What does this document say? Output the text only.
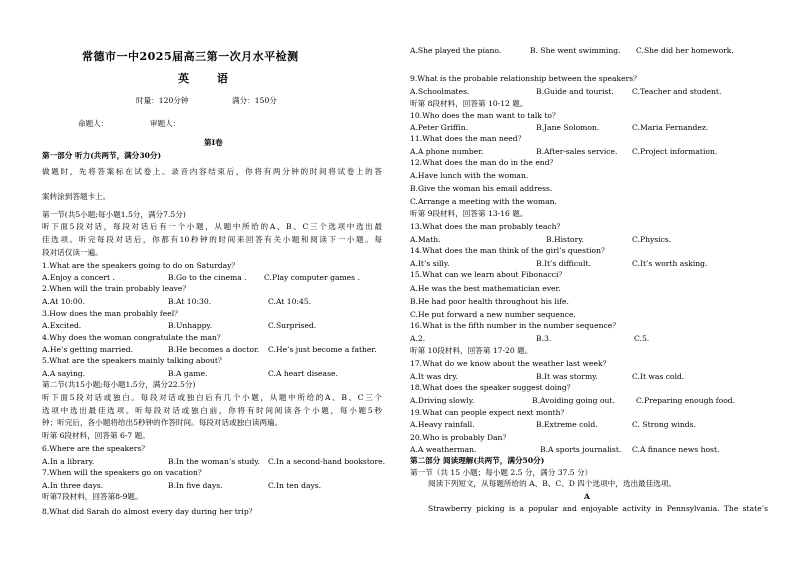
常德市一中2025届高三第一次月水平检测
英 语
时量：120分钟	满分：150分
命题人：	审题人：
第Ⅰ卷
第一部分 听力(共两节，满分30分)
做题时，先将答案标在试卷上。录音内容结束后，你将有两分钟的时间将试卷上的答
案转涂到答题卡上。
第一节(共5小题;每小题1.5分，满分7.5分)
听下面5段对话，每段对话后有一个小题，从题中所给的A、B、C三个选项中选出最
佳选项。听完每段对话后，你都有10秒钟的时间来回答有关小题和阅读下一小题。每
段对话仅读一遍。
1.What are the speakers going to do on Saturday？
A.Enjoy a concert .	B.Go to the cinema . C.Play computer games .
2.When will the train probably leave？
A.At 10:00.	B.At 10:30.	C.At 10:45.
3.How does the man probably feel？
A.Excited.	B.Unhappy.	C.Surprised.
4.Why does the woman congratulate the man？
A.He’s getting married.	B.He becomes a doctor. C.He’s just become a father.
5.What are the speakers mainly talking about？
A.A saying.	B.A game.	C.A heart disease.
第二节(共15小题;每小题1.5分，满分22.5分)
听下面5段对话或独白。每段对话或独白后有几个小题，从题中所给的A、B、C三个
选项中选出最佳选项。听每段对话或独白前，你将有时间阅读各个小题，每小题5秒
钟；听完后，各小题将给出5秒钟的作答时间。每段对话或独白读两遍。
听第 6段材料，回答第 6-7 题。
6.Where are the speakers？
A.In a library.	B.In the woman’s study. C.In a second-hand bookstore.
7.When will the speakers go on vacation？
A.In three days.	B.In five days.	C.In ten days.
听第7段材料，回答第8-9题。
8.What did Sarah do almost every day during her trip？
A.She played the piano.	B. She went swimming. C.She did her homework.
9.What is the probable relationship between the speakers？
A.Schoolmates.	B.Guide and tourist. C.Teacher and student.
听第 8段材料，回答第 10-12 题。
10.Who does the man want to talk to？
A.Peter Griffin.	B.Jane Solomon.	C.Maria Fernandez.
11.What does the man need？
A.A phone number.	B.After-sales service. C.Project information.
12.What does the man do in the end？
A.Have lunch with the woman.
B.Give the woman his email address.
C.Arrange a meeting with the woman.
听第 9段材料，回答第 13-16 题。
13.What does the man probably teach？
A.Math.	B.History.	C.Physics.
14.What does the man think of the girl’s question？
A.It’s silly.	B.It’s difficult.	C.It’s worth asking.
15.What can we learn about Fibonacci？
A.He was the best mathematician ever.
B.He had poor health throughout his life.
C.He put forward a new number sequence.
16.What is the fifth number in the number sequence？
A.2.	B.3.	C.5.
听第 10段材料，回答第 17-20 题。
17.What do we know about the weather last week？
A.It was dry.	B.It was stormy.	C.It was cold.
18.What does the speaker suggest doing？
A.Driving slowly.	B.Avoiding going out.	C.Preparing enough food.
19.What can people expect next month？
A.Heavy rainfall.	B.Extreme cold.	C. Strong winds.
20.Who is probably Dan？
A.A weatherman.	B.A sports journalist. C.A finance news host.
第二部分 阅读理解(共两节，满分50分)
第一节（共 15 小题；每小题 2.5 分，满分 37.5 分）
阅读下列短文，从每题所给的 A、B、C、D 四个选项中，选出最佳选项。
A
Strawberry picking is a popular and enjoyable activity in Pennsylvania. The state’s
